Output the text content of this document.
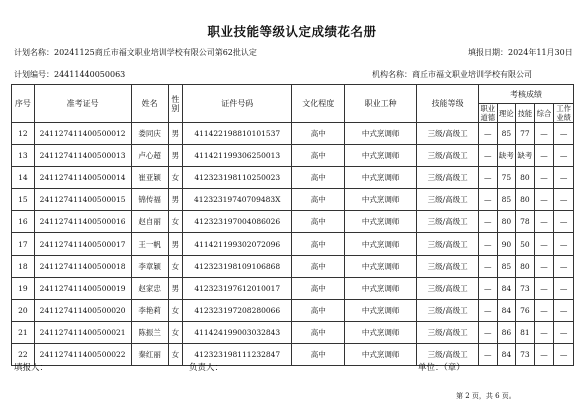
职业技能等级认定成绩花名册
计划名称：20241125商丘市福文职业培训学校有限公司第62批认定	填报日期：2024年11月30日
计划编号：24411440050063	机构名称：商丘市福文职业培训学校有限公司
序号	准考证号	姓名	性别	证件号码	文化程度	职业工种	技能等级	考核成绩				
								职业道德	理论	技能	综合	工作业绩
12	241127411400500012	娄同庆	男	411422198810101537	高中	中式烹调师	三级/高级工	—	85	77	—	—
13	241127411400500013	卢心超	男	411421199306250013	高中	中式烹调师	三级/高级工	—	缺考	缺考	—	—
14	241127411400500014	崔亚颖	女	412323198110250023	高中	中式烹调师	三级/高级工	—	75	80	—	—
15	241127411400500015	锦传福	男	41232319740709483X	高中	中式烹调师	三级/高级工	—	85	80	—	—
16	241127411400500016	赵自丽	女	412323197004086026	高中	中式烹调师	三级/高级工	—	80	78	—	—
17	241127411400500017	王一帆	男	411421199302072096	高中	中式烹调师	三级/高级工	—	90	50	—	—
18	241127411400500018	李章颖	女	412323198109106868	高中	中式烹调师	三级/高级工	—	85	80	—	—
19	241127411400500019	赵家忠	男	412323197612010017	高中	中式烹调师	三级/高级工	—	84	73	—	—
20	241127411400500020	李艳莉	女	412323197208280066	高中	中式烹调师	三级/高级工	—	84	76	—	—
21	241127411400500021	陈振兰	女	411424199003032843	高中	中式烹调师	三级/高级工	—	86	81	—	—
22	241127411400500022	秦红丽	女	412323198111232847	高中	中式烹调师	三级/高级工	—	84	73	—	—
填报人：	负责人：	单位：（章）
第 2 页，共 6 页。
